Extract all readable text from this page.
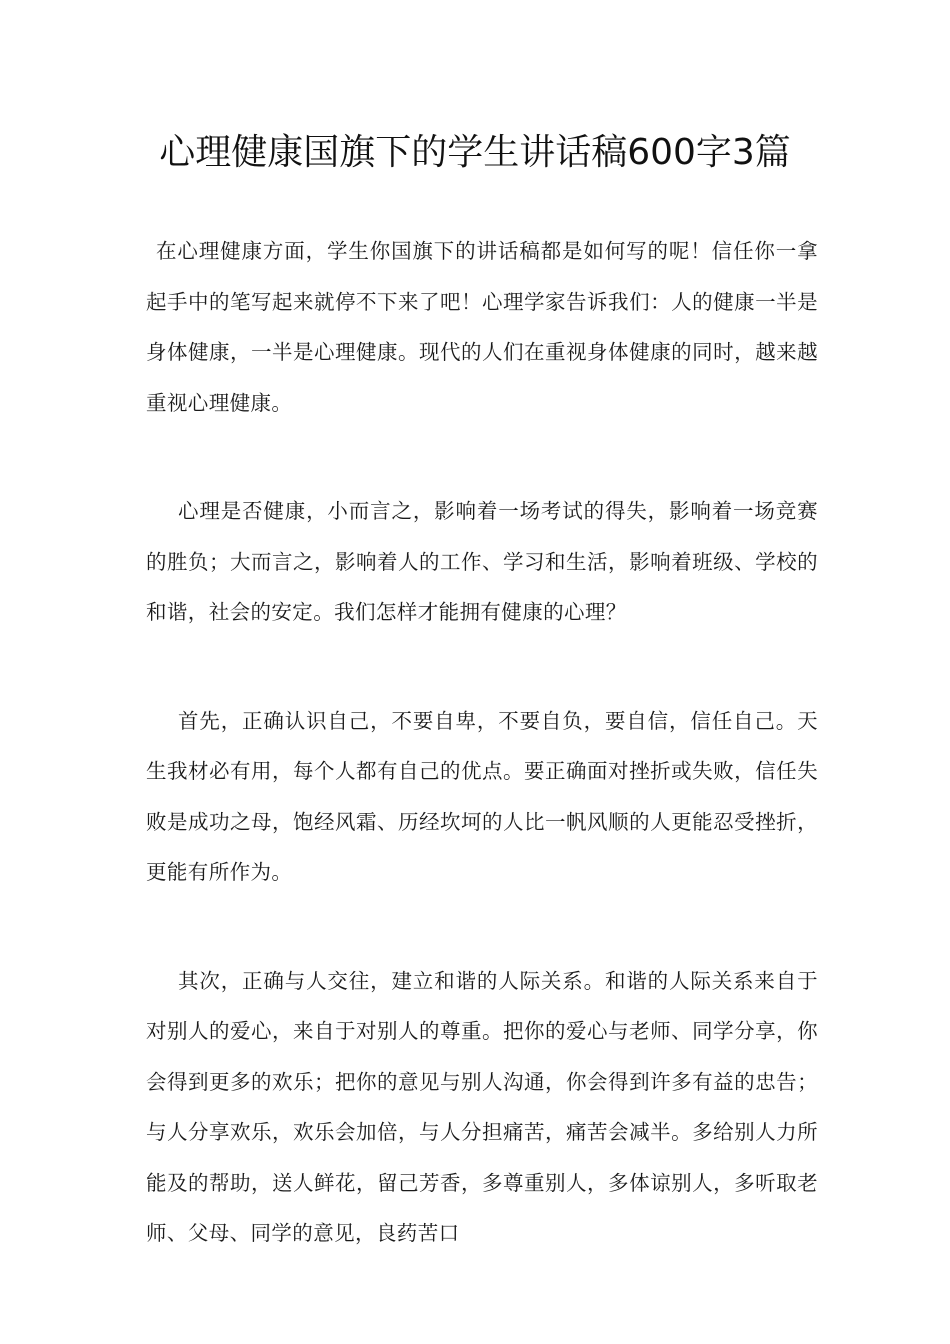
心理健康国旗下的学生讲话稿600字3篇

在心理健康方面，学生你国旗下的讲话稿都是如何写的呢！信任你一拿起手中的笔写起来就停不下来了吧！心理学家告诉我们：人的健康一半是身体健康，一半是心理健康。现代的人们在重视身体健康的同时，越来越重视心理健康。

心理是否健康，小而言之，影响着一场考试的得失，影响着一场竞赛的胜负；大而言之，影响着人的工作、学习和生活，影响着班级、学校的和谐，社会的安定。我们怎样才能拥有健康的心理？

首先，正确认识自己，不要自卑，不要自负，要自信，信任自己。天生我材必有用，每个人都有自己的优点。要正确面对挫折或失败，信任失败是成功之母，饱经风霜、历经坎坷的人比一帆风顺的人更能忍受挫折，更能有所作为。

其次，正确与人交往，建立和谐的人际关系。和谐的人际关系来自于对别人的爱心，来自于对别人的尊重。把你的爱心与老师、同学分享，你会得到更多的欢乐；把你的意见与别人沟通，你会得到许多有益的忠告；与人分享欢乐，欢乐会加倍，与人分担痛苦，痛苦会减半。多给别人力所能及的帮助，送人鲜花，留己芳香，多尊重别人，多体谅别人，多听取老师、父母、同学的意见，良药苦口
